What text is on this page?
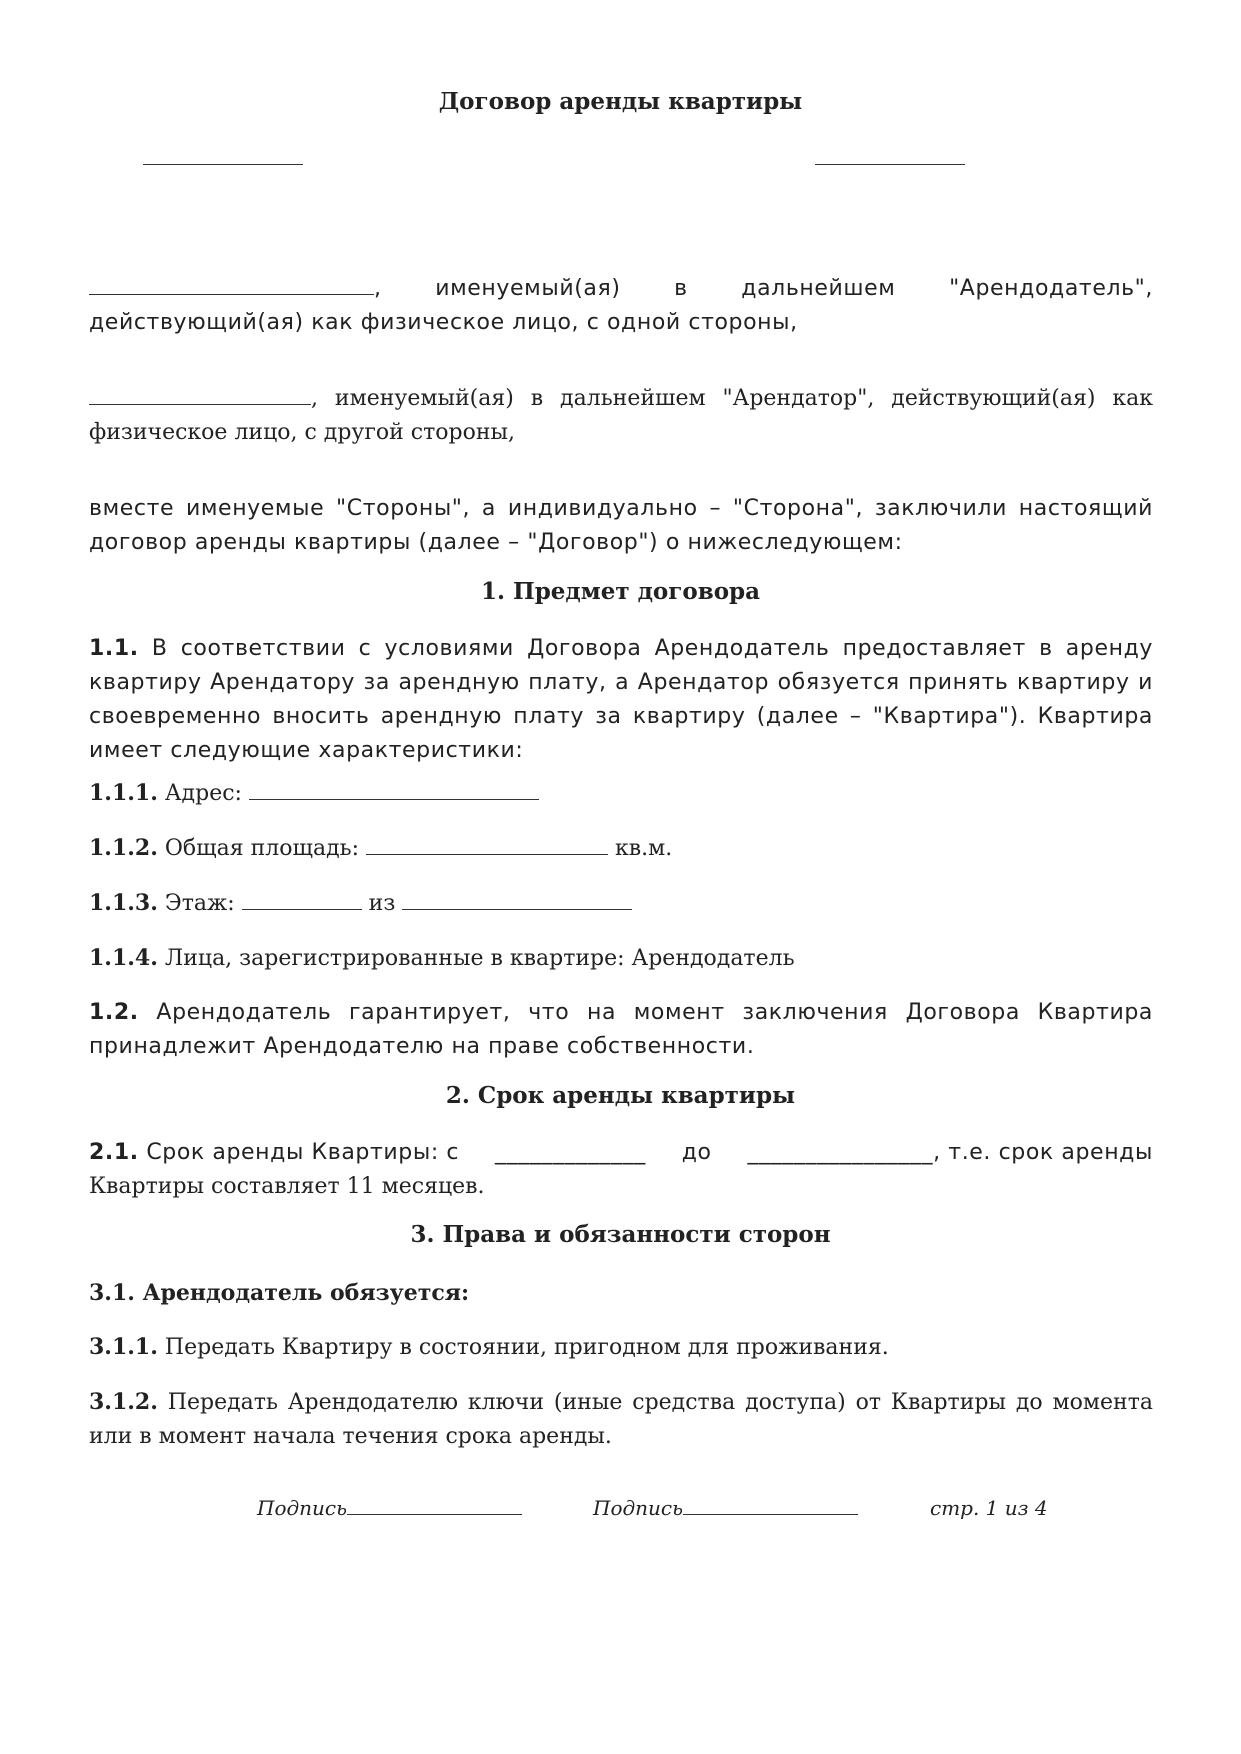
Договор аренды квартиры
, именуемый(ая) в дальнейшем "Арендодатель",
действующий(ая) как физическое лицо, с одной стороны,
, именуемый(ая) в дальнейшем "Арендатор", действующий(ая) как
физическое лицо, с другой стороны,
вместе именуемые "Стороны", а индивидуально – "Сторона", заключили настоящий договор аренды квартиры (далее – "Договор") о нижеследующем:
1. Предмет договора
1.1. В соответствии с условиями Договора Арендодатель предоставляет в аренду квартиру Арендатору за арендную плату, а Арендатор обязуется принять квартиру и своевременно вносить арендную плату за квартиру (далее – "Квартира"). Квартира имеет следующие характеристики:
1.1.1. Адрес:
1.1.2. Общая площадь:	кв.м.
1.1.3. Этаж:	из
1.1.4. Лица, зарегистрированные в квартире: Арендодатель
1.2. Арендодатель гарантирует, что на момент заключения Договора Квартира принадлежит Арендодателю на праве собственности.
2. Срок аренды квартиры
2.1. Срок аренды Квартиры: с _____________ до ________________, т.е. срок аренды
Квартиры составляет 11 месяцев.
3. Права и обязанности сторон
3.1. Арендодатель обязуется:
3.1.1. Передать Квартиру в состоянии, пригодном для проживания.
3.1.2. Передать Арендодателю ключи (иные средства доступа) от Квартиры до момента или в момент начала течения срока аренды.
Подпись	Подпись	стр. 1 из 4
